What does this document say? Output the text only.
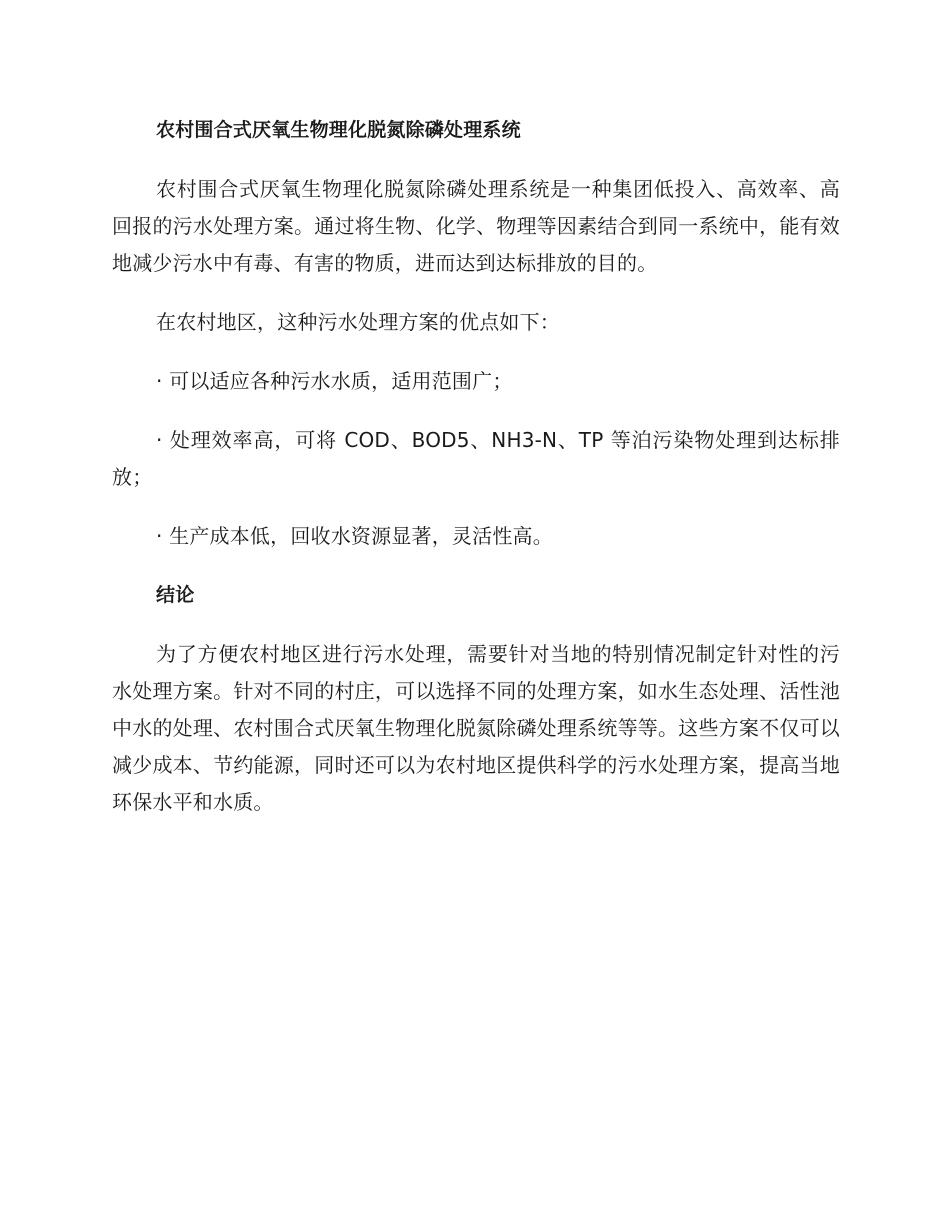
农村围合式厌氧生物理化脱氮除磷处理系统

农村围合式厌氧生物理化脱氮除磷处理系统是一种集团低投入、高效率、高回报的污水处理方案。通过将生物、化学、物理等因素结合到同一系统中，能有效地减少污水中有毒、有害的物质，进而达到达标排放的目的。

在农村地区，这种污水处理方案的优点如下：

· 可以适应各种污水水质，适用范围广；

· 处理效率高，可将 COD、BOD5、NH3-N、TP 等泊污染物处理到达标排放；

· 生产成本低，回收水资源显著，灵活性高。

结论

为了方便农村地区进行污水处理，需要针对当地的特别情况制定针对性的污水处理方案。针对不同的村庄，可以选择不同的处理方案，如水生态处理、活性池中水的处理、农村围合式厌氧生物理化脱氮除磷处理系统等等。这些方案不仅可以减少成本、节约能源，同时还可以为农村地区提供科学的污水处理方案，提高当地环保水平和水质。
